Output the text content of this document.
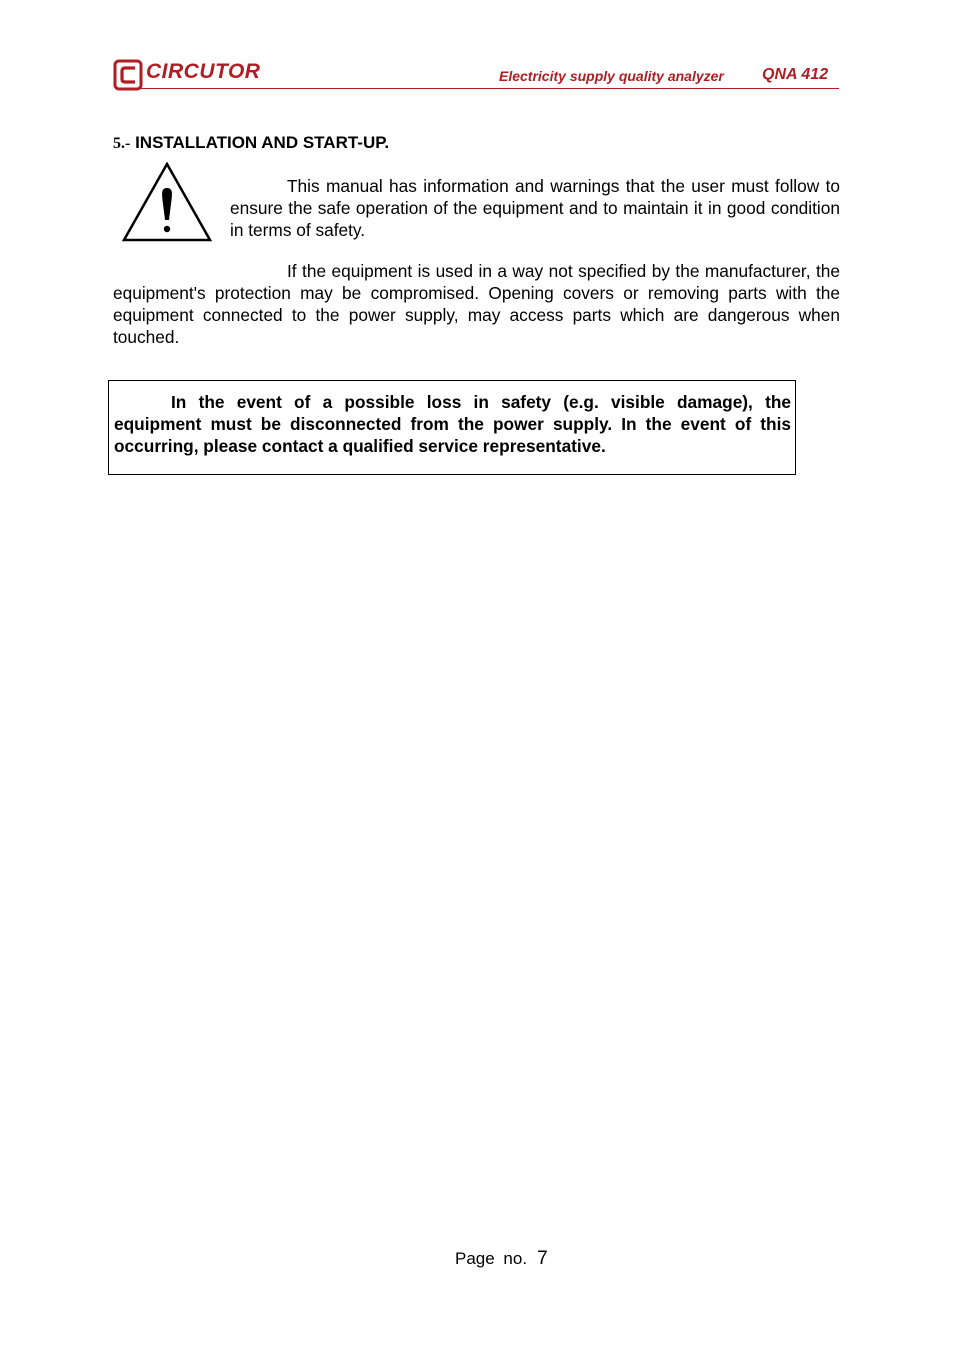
CIRCUTOR	Electricity supply quality analyzer QNA 412
5.- INSTALLATION AND START-UP.

This manual has information and warnings that the user must follow to ensure the safe operation of the equipment and to maintain it in good condition in terms of safety.

If the equipment is used in a way not specified by the manufacturer, the equipment's protection may be compromised. Opening covers or removing parts with the equipment connected to the power supply, may access parts which are dangerous when touched.

In the event of a possible loss in safety (e.g. visible damage), the equipment must be disconnected from the power supply. In the event of this occurring, please contact a qualified service representative.

Page no. 7
